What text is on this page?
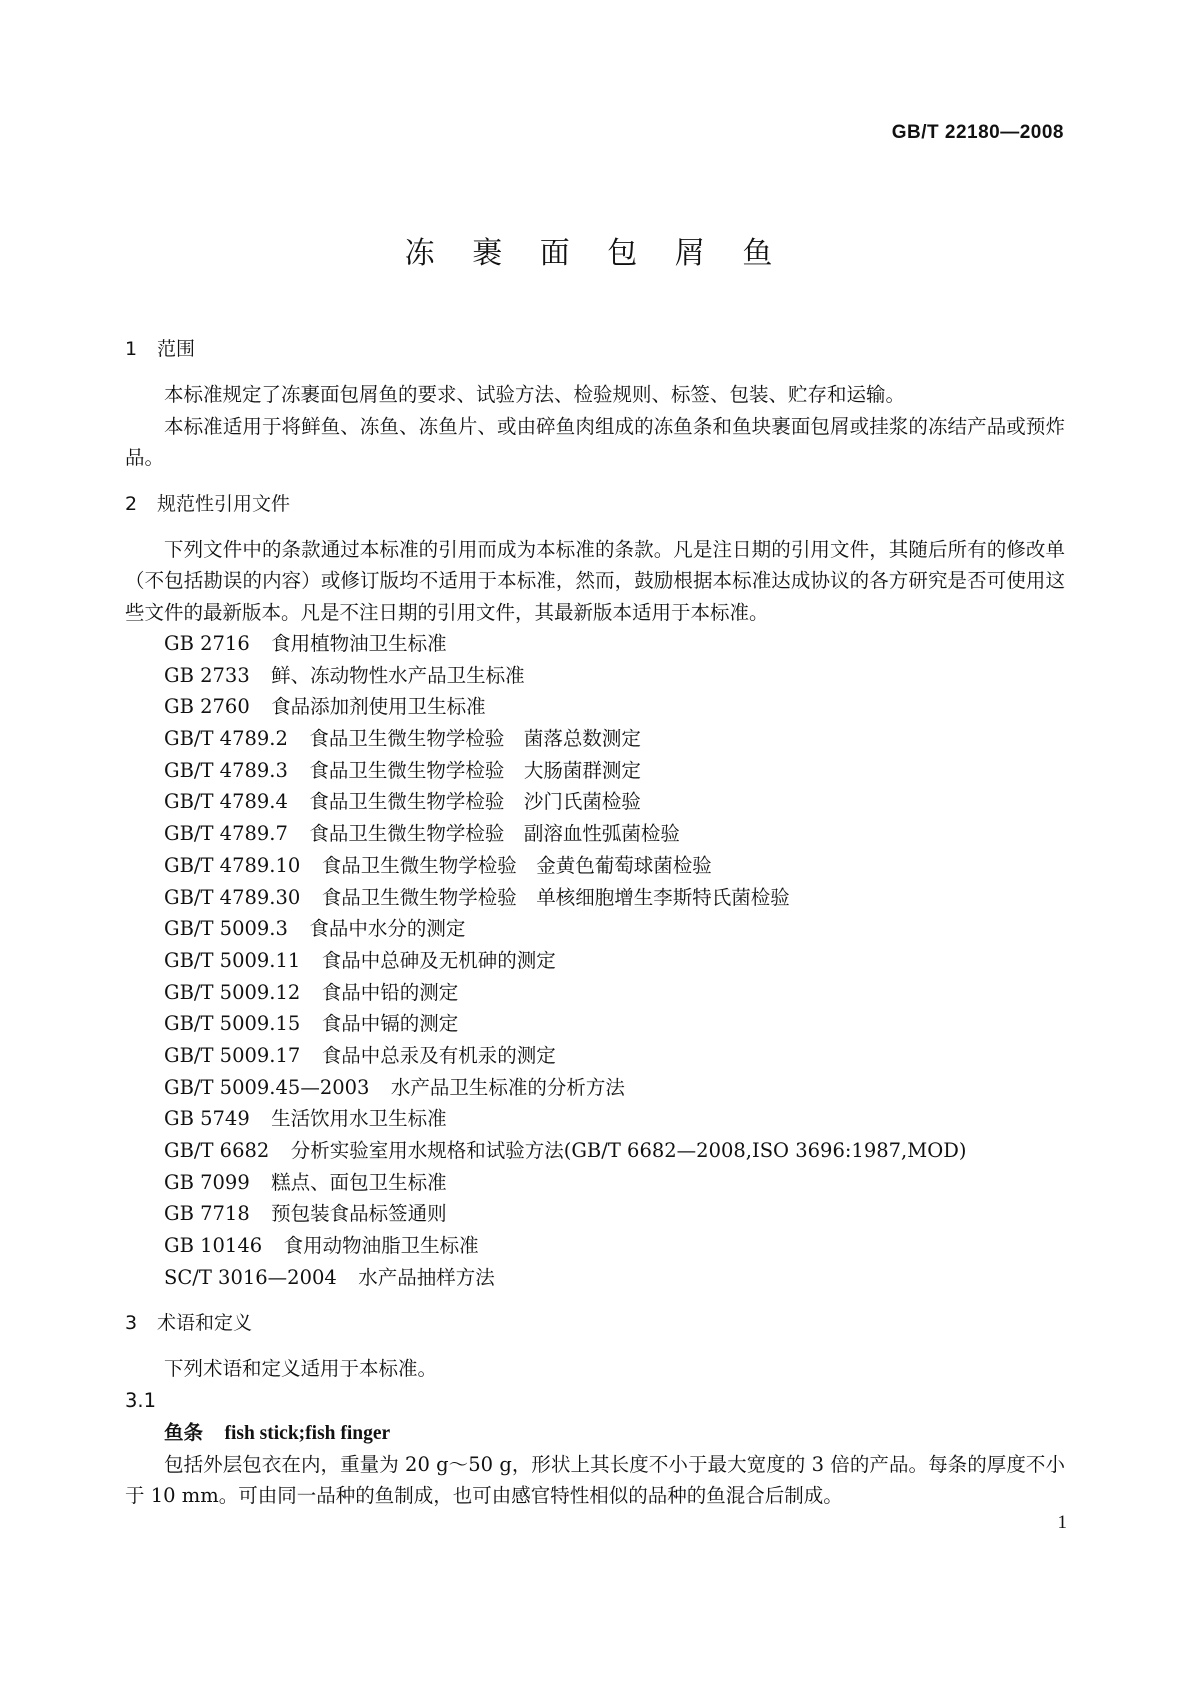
GB/T 22180—2008
冻 裹 面 包 屑 鱼
1 范围

本标准规定了冻裹面包屑鱼的要求、试验方法、检验规则、标签、包装、贮存和运输。

本标准适用于将鲜鱼、冻鱼、冻鱼片、或由碎鱼肉组成的冻鱼条和鱼块裹面包屑或挂浆的冻结产品或预炸品。

2 规范性引用文件

下列文件中的条款通过本标准的引用而成为本标准的条款。凡是注日期的引用文件，其随后所有的修改单（不包括勘误的内容）或修订版均不适用于本标准，然而，鼓励根据本标准达成协议的各方研究是否可使用这些文件的最新版本。凡是不注日期的引用文件，其最新版本适用于本标准。

GB 2716 食用植物油卫生标准
GB 2733 鲜、冻动物性水产品卫生标准
GB 2760 食品添加剂使用卫生标准
GB/T 4789.2 食品卫生微生物学检验　菌落总数测定
GB/T 4789.3 食品卫生微生物学检验　大肠菌群测定
GB/T 4789.4 食品卫生微生物学检验　沙门氏菌检验
GB/T 4789.7 食品卫生微生物学检验　副溶血性弧菌检验
GB/T 4789.10 食品卫生微生物学检验　金黄色葡萄球菌检验
GB/T 4789.30 食品卫生微生物学检验　单核细胞增生李斯特氏菌检验
GB/T 5009.3 食品中水分的测定
GB/T 5009.11 食品中总砷及无机砷的测定
GB/T 5009.12 食品中铅的测定
GB/T 5009.15 食品中镉的测定
GB/T 5009.17 食品中总汞及有机汞的测定
GB/T 5009.45—2003 水产品卫生标准的分析方法
GB 5749 生活饮用水卫生标准
GB/T 6682 分析实验室用水规格和试验方法(GB/T 6682—2008,ISO 3696:1987,MOD)
GB 7099 糕点、面包卫生标准
GB 7718 预包装食品标签通则
GB 10146 食用动物油脂卫生标准
SC/T 3016—2004 水产品抽样方法
3 术语和定义

下列术语和定义适用于本标准。

3.1
鱼条 fish stick;fish finger

包括外层包衣在内，重量为 20 g～50 g，形状上其长度不小于最大宽度的 3 倍的产品。每条的厚度不小于 10 mm。可由同一品种的鱼制成，也可由感官特性相似的品种的鱼混合后制成。

1
